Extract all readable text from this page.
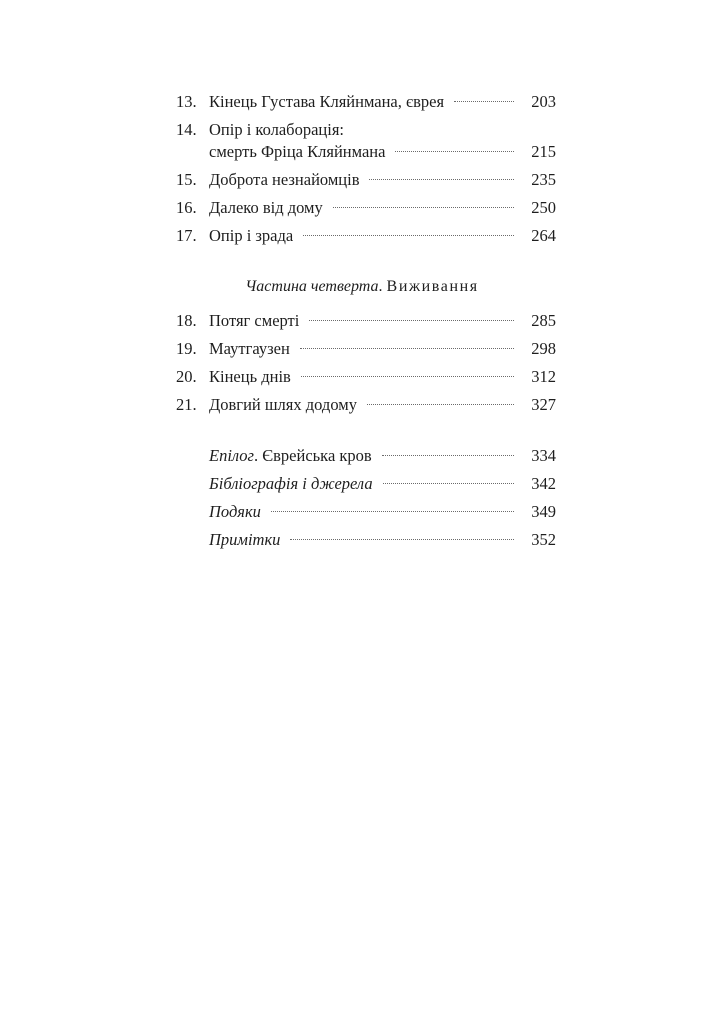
13. Кінець Густава Кляйнмана, єврея	203
14. Опір і колаборація:
смерть Фріца Кляйнмана	215
15. Доброта незнайомців	235
16. Далеко від дому	250
17. Опір і зрада	264
Частина четверта. Виживання
18. Потяг смерті	285
19. Маутгаузен	298
20. Кінець днів	312
21. Довгий шлях додому	327
Епілог. Єврейська кров	334
Бібліографія і джерела	342
Подяки	349
Примітки	352
